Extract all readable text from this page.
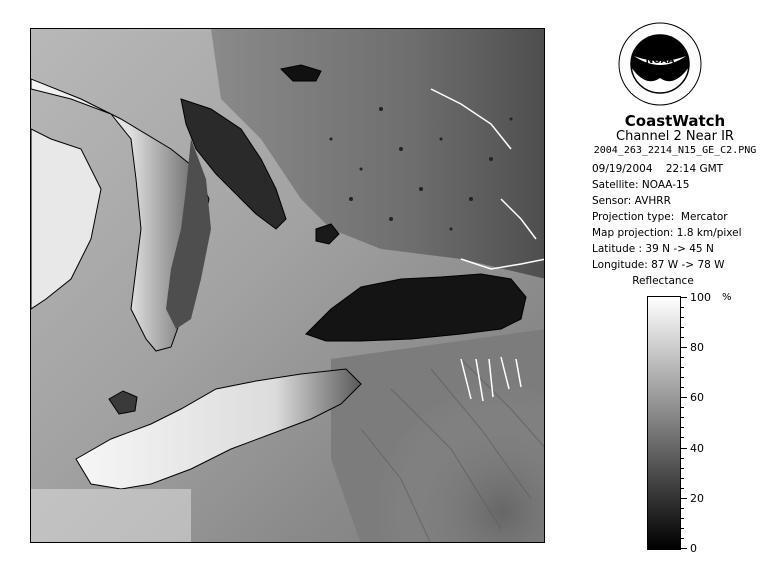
NOAA
CoastWatch
Channel 2 Near IR
2004_263_2214_N15_GE_C2.PNG
09/19/2004    22:14 GMT
Satellite: NOAA-15
Sensor: AVHRR
Projection type:  Mercator
Map projection: 1.8 km/pixel
Latitude : 39 N -> 45 N
Longitude: 87 W -> 78 W
Reflectance
%
100
80
60
40
20
0
